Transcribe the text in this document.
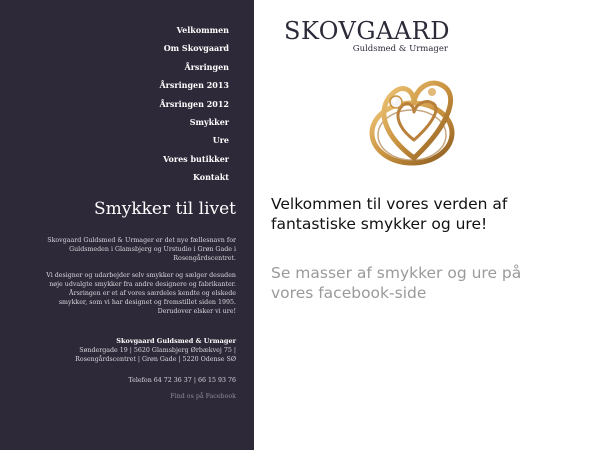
Velkommen
Om Skovgaard
Årsringen
Årsringen 2013
Årsringen 2012
Smykker
Ure
Vores butikker
Kontakt
Smykker til livet
Skovgaard Guldsmed & Urmager er det nye fællesnavn for Guldsmeden i Glamsbjerg og Urstudio i Grøn Gade i Rosengårdscentret.
Vi designer og udarbejder selv smykker og sælger desuden nøje udvalgte smykker fra andre designere og fabrikanter. Årsringen er et af vores særdeles kendte og elskede smykker, som vi har designet og fremstillet siden 1995. Derudover elsker vi ure!
Skovgaard Guldsmed & Urmager
Søndergade 19 | 5620 Glamsbjerg Ørbækvej 75 | Rosengårdscentret | Grøn Gade | 5220 Odense SØ
Telefon 64 72 36 37 | 66 15 93 76
Find os på Facebook
SKOVGAARD
Guldsmed & Urmager
Velkommen til vores verden af fantastiske smykker og ure!
Se masser af smykker og ure på vores facebook-side
